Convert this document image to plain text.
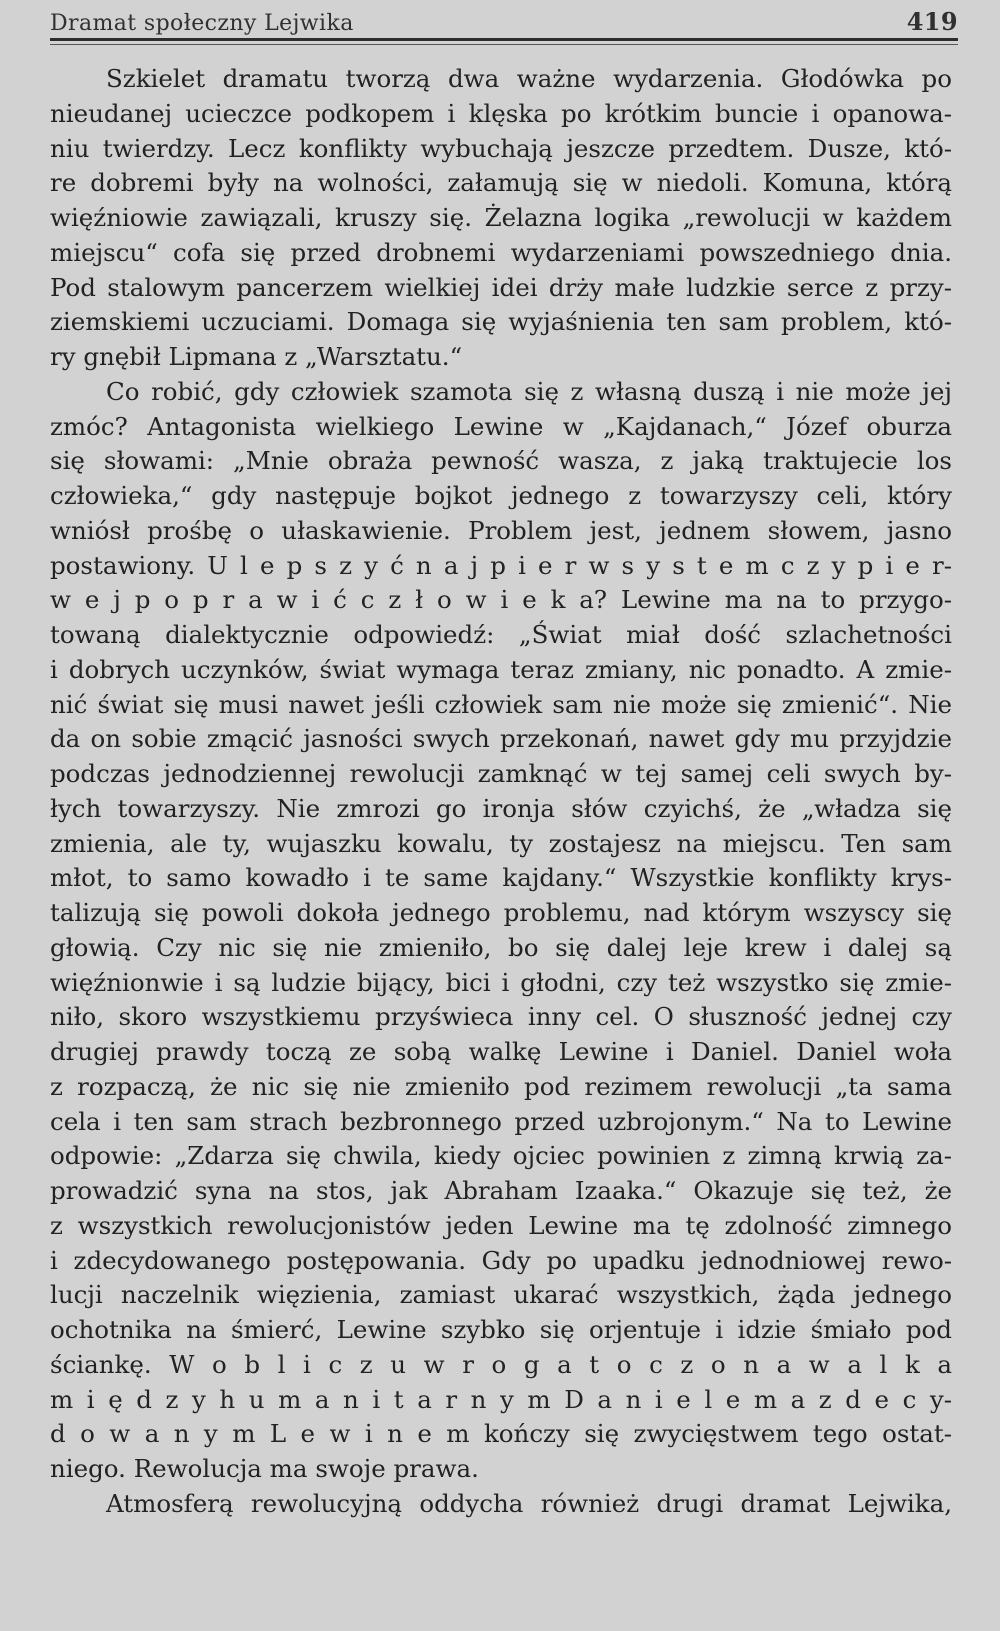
Dramat społeczny Lejwika	419
Szkielet dramatu tworzą dwa ważne wydarzenia. Głodówka po
nieudanej ucieczce podkopem i klęska po krótkim buncie i opanowa-
niu twierdzy. Lecz konflikty wybuchają jeszcze przedtem. Dusze, któ-
re dobremi były na wolności, załamują się w niedoli. Komuna, którą
więźniowie zawiązali, kruszy się. Żelazna logika „rewolucji w każdem
miejscu“ cofa się przed drobnemi wydarzeniami powszedniego dnia.
Pod stalowym pancerzem wielkiej idei drży małe ludzkie serce z przy-
ziemskiemi uczuciami. Domaga się wyjaśnienia ten sam problem, któ-
ry gnębił Lipmana z „Warsztatu.“
Co robić, gdy człowiek szamota się z własną duszą i nie może jej
zmóc? Antagonista wielkiego Lewine w „Kajdanach,“ Józef oburza
się słowami: „Mnie obraża pewność wasza, z jaką traktujecie los
człowieka,“ gdy następuje bojkot jednego z towarzyszy celi, który
wniósł prośbę o ułaskawienie. Problem jest, jednem słowem, jasno
postawiony. U l e p s z y ć n a j p i e r w s y s t e m c z y p i e r-
w e j p o p r a w i ć c z ł o w i e k a? Lewine ma na to przygo-
towaną dialektycznie odpowiedź: „Świat miał dość szlachetności
i dobrych uczynków, świat wymaga teraz zmiany, nic ponadto. A zmie-
nić świat się musi nawet jeśli człowiek sam nie może się zmienić“. Nie
da on sobie zmącić jasności swych przekonań, nawet gdy mu przyjdzie
podczas jednodziennej rewolucji zamknąć w tej samej celi swych by-
łych towarzyszy. Nie zmrozi go ironja słów czyichś, że „władza się
zmienia, ale ty, wujaszku kowalu, ty zostajesz na miejscu. Ten sam
młot, to samo kowadło i te same kajdany.“ Wszystkie konflikty krys-
talizują się powoli dokoła jednego problemu, nad którym wszyscy się
głowią. Czy nic się nie zmieniło, bo się dalej leje krew i dalej są
więźnionwie i są ludzie bijący, bici i głodni, czy też wszystko się zmie-
niło, skoro wszystkiemu przyświeca inny cel. O słuszność jednej czy
drugiej prawdy toczą ze sobą walkę Lewine i Daniel. Daniel woła
z rozpaczą, że nic się nie zmieniło pod rezimem rewolucji „ta sama
cela i ten sam strach bezbronnego przed uzbrojonym.“ Na to Lewine
odpowie: „Zdarza się chwila, kiedy ojciec powinien z zimną krwią za-
prowadzić syna na stos, jak Abraham Izaaka.“ Okazuje się też, że
z wszystkich rewolucjonistów jeden Lewine ma tę zdolność zimnego
i zdecydowanego postępowania. Gdy po upadku jednodniowej rewo-
lucji naczelnik więzienia, zamiast ukarać wszystkich, żąda jednego
ochotnika na śmierć, Lewine szybko się orjentuje i idzie śmiało pod
ściankę. W o b l i c z u w r o g a t o c z o n a w a l k a
m i ę d z y h u m a n i t a r n y m D a n i e l e m a z d e c y-
d o w a n y m L e w i n e m kończy się zwycięstwem tego ostat-
niego. Rewolucja ma swoje prawa.
Atmosferą rewolucyjną oddycha również drugi dramat Lejwika,
